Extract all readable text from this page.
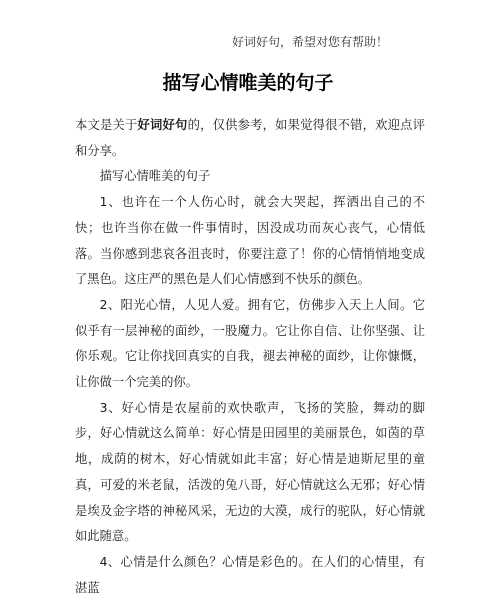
好词好句，希望对您有帮助！
描写心情唯美的句子

本文是关于好词好句的，仅供参考，如果觉得很不错，欢迎点评和分享。

描写心情唯美的句子

1、也许在一个人伤心时，就会大哭起，挥洒出自己的不快；也许当你在做一件事情时，因没成功而灰心丧气，心情低落。当你感到悲哀各沮丧时，你要注意了！你的心情悄悄地变成了黑色。这庄严的黑色是人们心情感到不快乐的颜色。

2、阳光心情，人见人爱。拥有它，仿佛步入天上人间。它似乎有一层神秘的面纱，一股魔力。它让你自信、让你坚强、让你乐观。它让你找回真实的自我，褪去神秘的面纱，让你慷慨，让你做一个完美的你。

3、好心情是农屋前的欢快歌声，飞扬的笑脸，舞动的脚步，好心情就这么简单：好心情是田园里的美丽景色，如茵的草地，成荫的树木，好心情就如此丰富；好心情是迪斯尼里的童真，可爱的米老鼠，活泼的兔八哥，好心情就这么无邪；好心情是埃及金字塔的神秘风采，无边的大漠，成行的驼队，好心情就如此随意。

4、心情是什么颜色？心情是彩色的。在人们的心情里，有湛蓝
